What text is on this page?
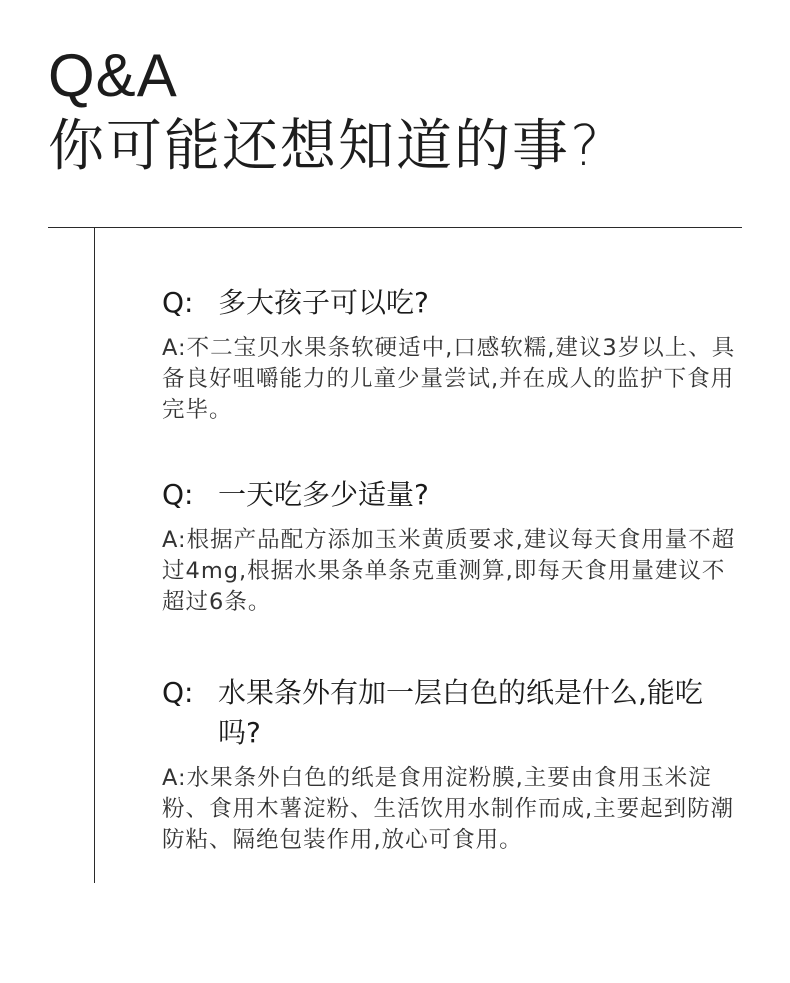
Q&A
你可能还想知道的事?
Q: 多大孩子可以吃?
A:不二宝贝水果条软硬适中,口感软糯,建议3岁以上、具备良好咀嚼能力的儿童少量尝试,并在成人的监护下食用完毕。
Q: 一天吃多少适量?
A:根据产品配方添加玉米黄质要求,建议每天食用量不超过4mg,根据水果条单条克重测算,即每天食用量建议不超过6条。
Q: 水果条外有加一层白色的纸是什么,能吃吗?
A:水果条外白色的纸是食用淀粉膜,主要由食用玉米淀粉、食用木薯淀粉、生活饮用水制作而成,主要起到防潮防粘、隔绝包装作用,放心可食用。
